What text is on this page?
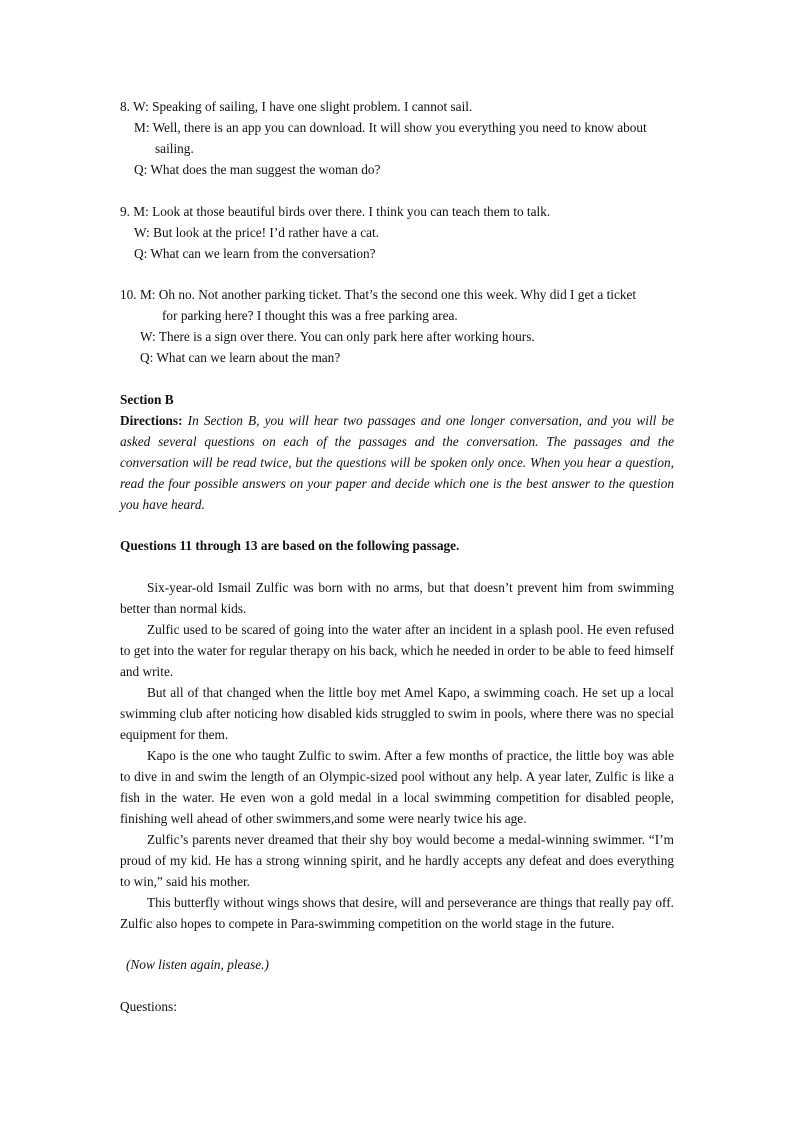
8. W: Speaking of sailing, I have one slight problem. I cannot sail.
M: Well, there is an app you can download. It will show you everything you need to know about
sailing.
Q: What does the man suggest the woman do?
9. M: Look at those beautiful birds over there. I think you can teach them to talk.
W: But look at the price! I’d rather have a cat.
Q: What can we learn from the conversation?
10. M: Oh no. Not another parking ticket. That’s the second one this week. Why did I get a ticket
for parking here? I thought this was a free parking area.
W: There is a sign over there. You can only park here after working hours.
Q: What can we learn about the man?
Section B
Directions: In Section B, you will hear two passages and one longer conversation, and you will be asked several questions on each of the passages and the conversation. The passages and the conversation will be read twice, but the questions will be spoken only once. When you hear a question, read the four possible answers on your paper and decide which one is the best answer to the question you have heard.
Questions 11 through 13 are based on the following passage.
Six-year-old Ismail Zulfic was born with no arms, but that doesn’t prevent him from swimming better than normal kids.
Zulfic used to be scared of going into the water after an incident in a splash pool. He even refused to get into the water for regular therapy on his back, which he needed in order to be able to feed himself and write.
But all of that changed when the little boy met Amel Kapo, a swimming coach. He set up a local swimming club after noticing how disabled kids struggled to swim in pools, where there was no special equipment for them.
Kapo is the one who taught Zulfic to swim. After a few months of practice, the little boy was able to dive in and swim the length of an Olympic-sized pool without any help. A year later, Zulfic is like a fish in the water. He even won a gold medal in a local swimming competition for disabled people, finishing well ahead of other swimmers,and some were nearly twice his age.
Zulfic’s parents never dreamed that their shy boy would become a medal-winning swimmer. “I’m proud of my kid. He has a strong winning spirit, and he hardly accepts any defeat and does everything to win,” said his mother.
This butterfly without wings shows that desire, will and perseverance are things that really pay off. Zulfic also hopes to compete in Para-swimming competition on the world stage in the future.
(Now listen again, please.)
Questions:
